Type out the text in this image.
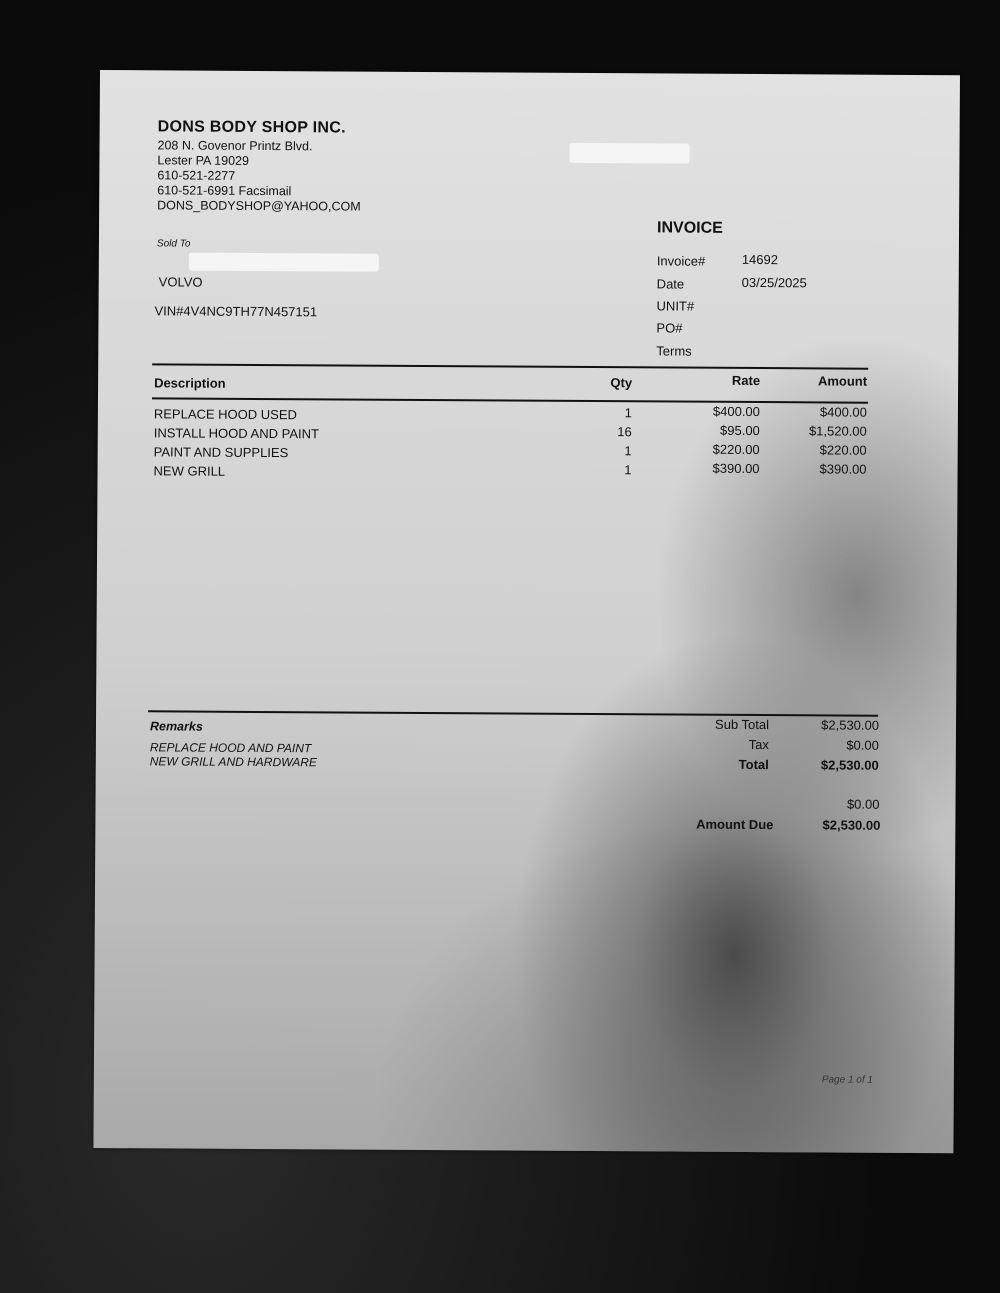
DONS BODY SHOP INC.
208 N. Govenor Printz Blvd.
Lester PA 19029
610-521-2277
610-521-6991 Facsimail
DONS_BODYSHOP@YAHOO,COM
INVOICE
Invoice#	14692
Date	03/25/2025
UNIT#
PO#
Terms
Sold To
VOLVO
VIN#4V4NC9TH77N457151
Description	Qty	Rate	Amount
REPLACE HOOD USED	1	$400.00	$400.00
INSTALL HOOD AND PAINT	16	$95.00	$1,520.00
PAINT AND SUPPLIES	1	$220.00	$220.00
NEW GRILL	1	$390.00	$390.00
Remarks
REPLACE HOOD AND PAINT
NEW GRILL AND HARDWARE
Sub Total	$2,530.00
Tax	$0.00
Total	$2,530.00
$0.00
Amount Due	$2,530.00
Page 1 of 1
